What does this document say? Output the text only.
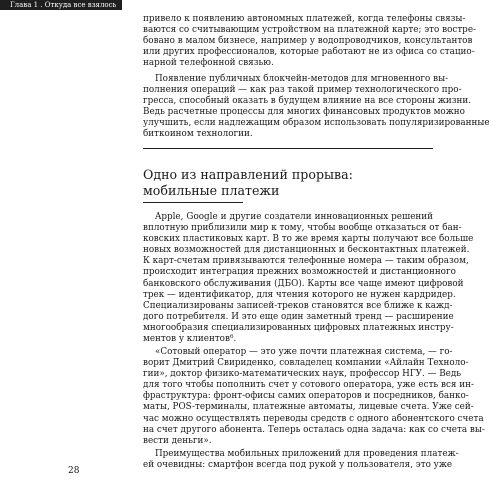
Глава 1 . Откуда все взялось
привело к появлению автономных платежей, когда телефоны связы-
ваются со считывающим устройством на платежной карте; это востре-
бовано в малом бизнесе, например у водопроводчиков, консультантов
или других профессионалов, которые работают не из офиса со стацио-
нарной телефонной связью.
Появление публичных блокчейн-методов для мгновенного вы-
полнения операций — как раз такой пример технологического про-
гресса, способный оказать в будущем влияние на все стороны жизни.
Ведь расчетные процессы для многих финансовых продуктов можно
улучшить, если надлежащим образом использовать популяризированные
биткоином технологии.
Одно из направлений прорыва:
мобильные платежи
Apple, Google и другие создатели инновационных решений
вплотную приблизили мир к тому, чтобы вообще отказаться от бан-
ковских пластиковых карт. В то же время карты получают все больше
новых возможностей для дистанционных и бесконтактных платежей.
К карт-счетам привязываются телефонные номера — таким образом,
происходит интеграция прежних возможностей и дистанционного
банковского обслуживания (ДБО). Карты все чаще имеют цифровой
трек — идентификатор, для чтения которого не нужен кардридер.
Специализированы записей-треков становятся все ближе к кажд-
дого потребителя. И это еще один заметный тренд — расширение
многообразия специализированных цифровых платежных инстру-
ментов у клиентов$^6$.
«Сотовый оператор — это уже почти платежная система, — го-
ворит Дмитрий Свириденко, совладелец компании «Айлайн Техноло-
гии», доктор физико-математических наук, профессор НГУ. — Ведь
для того чтобы пополнить счет у сотового оператора, уже есть вся ин-
фраструктура: фронт-офисы самих операторов и посредников, банко-
маты, POS-терминалы, платежные автоматы, лицевые счета. Уже сей-
час можно осуществлять переводы средств с одного абонентского счета
на счет другого абонента. Теперь осталась одна задача: как со счета вы-
вести деньги».
Преимущества мобильных приложений для проведения платеж-
ей очевидны: смартфон всегда под рукой у пользователя, это уже
28
